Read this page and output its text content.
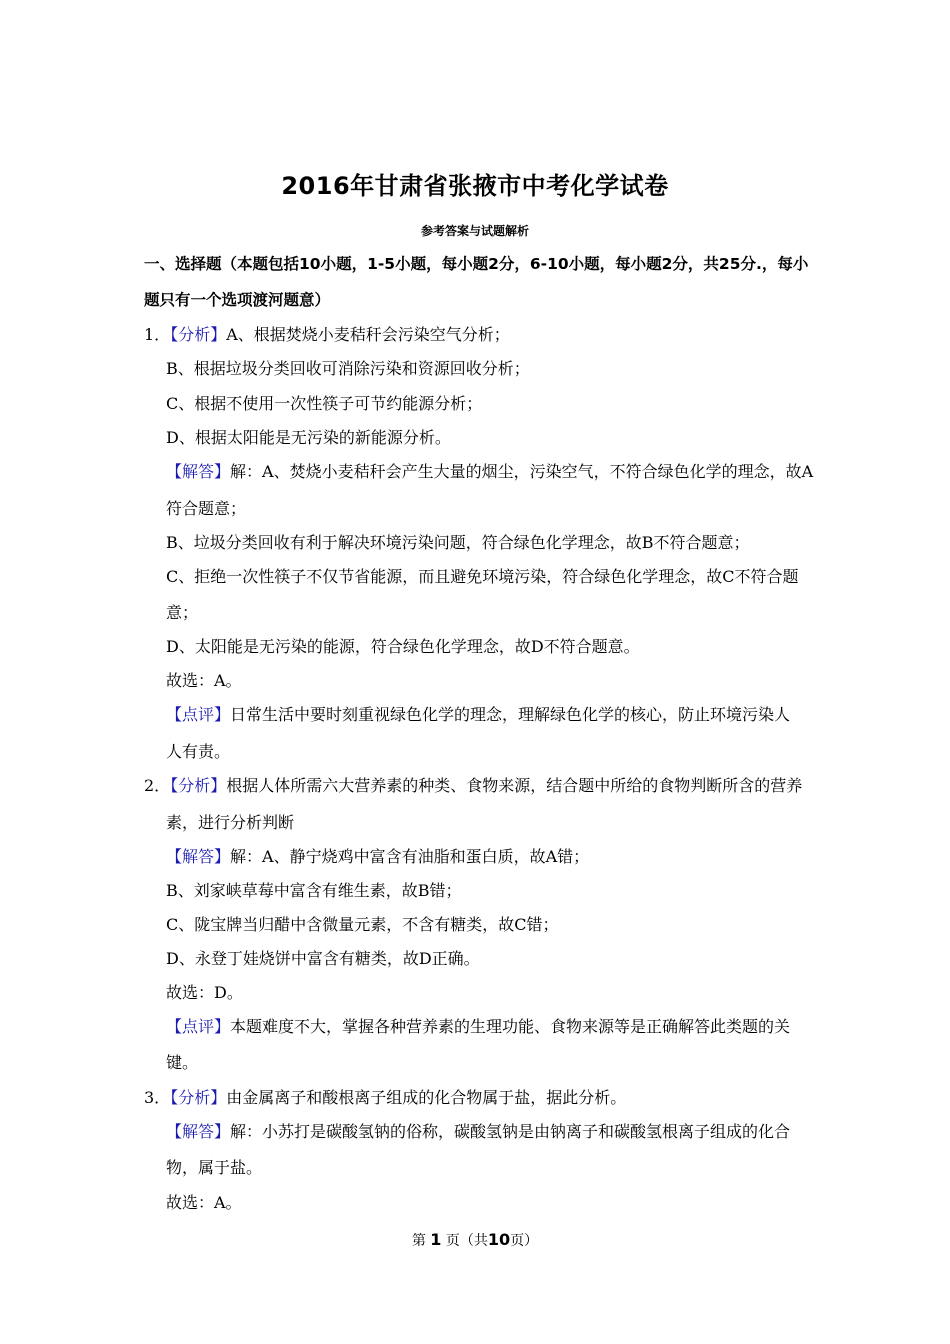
2016年甘肃省张掖市中考化学试卷
参考答案与试题解析
一、选择题（本题包括10小题，1-5小题，每小题2分，6-10小题，每小题2分，共25分.，每小
题只有一个选项渡河题意）
1．【分析】A、根据焚烧小麦秸秆会污染空气分析；
B、根据垃圾分类回收可消除污染和资源回收分析；
C、根据不使用一次性筷子可节约能源分析；
D、根据太阳能是无污染的新能源分析。
【解答】解：A、焚烧小麦秸秆会产生大量的烟尘，污染空气，不符合绿色化学的理念，故A
符合题意；
B、垃圾分类回收有利于解决环境污染问题，符合绿色化学理念，故B不符合题意；
C、拒绝一次性筷子不仅节省能源，而且避免环境污染，符合绿色化学理念，故C不符合题
意；
D、太阳能是无污染的能源，符合绿色化学理念，故D不符合题意。
故选：A。
【点评】日常生活中要时刻重视绿色化学的理念，理解绿色化学的核心，防止环境污染人
人有责。
2．【分析】根据人体所需六大营养素的种类、食物来源，结合题中所给的食物判断所含的营养
素，进行分析判断
【解答】解：A、静宁烧鸡中富含有油脂和蛋白质，故A错；
B、刘家峡草莓中富含有维生素，故B错；
C、陇宝牌当归醋中含微量元素，不含有糖类，故C错；
D、永登丁娃烧饼中富含有糖类，故D正确。
故选：D。
【点评】本题难度不大，掌握各种营养素的生理功能、食物来源等是正确解答此类题的关
键。
3．【分析】由金属离子和酸根离子组成的化合物属于盐，据此分析。
【解答】解：小苏打是碳酸氢钠的俗称，碳酸氢钠是由钠离子和碳酸氢根离子组成的化合
物，属于盐。
故选：A。
第 1 页（共10页）
